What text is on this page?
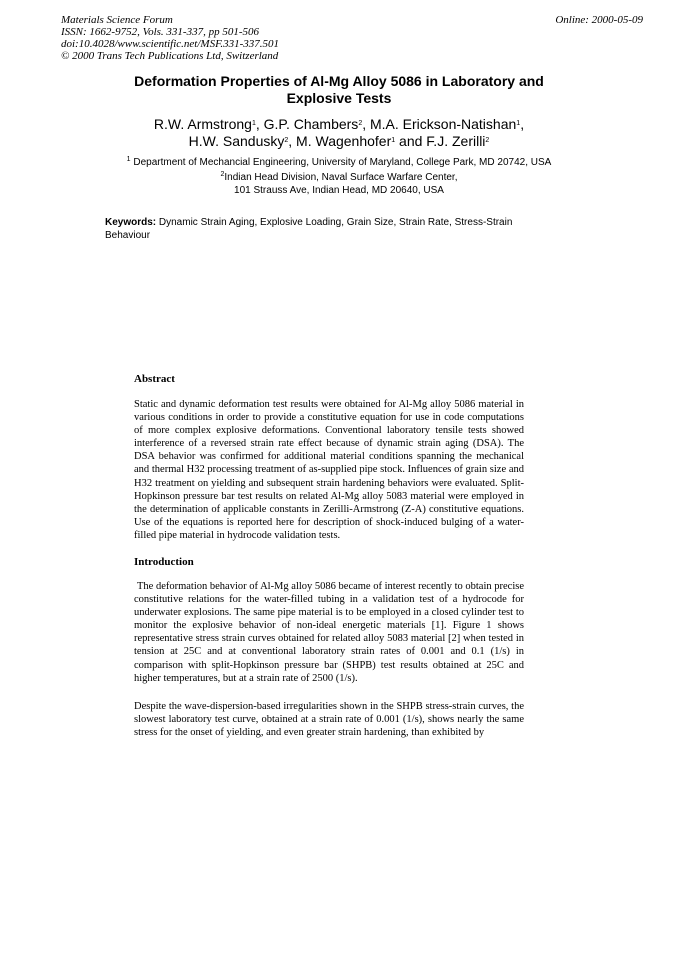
Materials Science Forum
ISSN: 1662-9752, Vols. 331-337, pp 501-506
doi:10.4028/www.scientific.net/MSF.331-337.501
© 2000 Trans Tech Publications Ltd, Switzerland
Online: 2000-05-09
Deformation Properties of Al-Mg Alloy 5086 in Laboratory and
Explosive Tests
R.W. Armstrong$^1$, G.P. Chambers$^2$, M.A. Erickson-Natishan$^1$,
H.W. Sandusky$^2$, M. Wagenhofer$^1$ and F.J. Zerilli$^2$
$^1$ Department of Mechancial Engineering, University of Maryland, College Park, MD 20742, USA
$^2$Indian Head Division, Naval Surface Warfare Center,
101 Strauss Ave, Indian Head, MD 20640, USA
Keywords: Dynamic Strain Aging, Explosive Loading, Grain Size, Strain Rate, Stress-Strain Behaviour
Abstract
Static and dynamic deformation test results were obtained for Al-Mg alloy 5086 material in various conditions in order to provide a constitutive equation for use in code computations of more complex explosive deformations. Conventional laboratory tensile tests showed interference of a reversed strain rate effect because of dynamic strain aging (DSA). The DSA behavior was confirmed for additional material conditions spanning the mechanical and thermal H32 processing treatment of as-supplied pipe stock. Influences of grain size and H32 treatment on yielding and subsequent strain hardening behaviors were evaluated. Split-Hopkinson pressure bar test results on related Al-Mg alloy 5083 material were employed in the determination of applicable constants in Zerilli-Armstrong (Z-A) constitutive equations. Use of the equations is reported here for description of shock-induced bulging of a water-filled pipe material in hydrocode validation tests.
Introduction
The deformation behavior of Al-Mg alloy 5086 became of interest recently to obtain precise constitutive relations for the water-filled tubing in a validation test of a hydrocode for underwater explosions. The same pipe material is to be employed in a closed cylinder test to monitor the explosive behavior of non-ideal energetic materials [1]. Figure 1 shows representative stress strain curves obtained for related alloy 5083 material [2] when tested in tension at 25C and at conventional laboratory strain rates of 0.001 and 0.1 (1/s) in comparison with split-Hopkinson pressure bar (SHPB) test results obtained at 25C and higher temperatures, but at a strain rate of 2500 (1/s).
Despite the wave-dispersion-based irregularities shown in the SHPB stress-strain curves, the slowest laboratory test curve, obtained at a strain rate of 0.001 (1/s), shows nearly the same stress for the onset of yielding, and even greater strain hardening, than exhibited by
